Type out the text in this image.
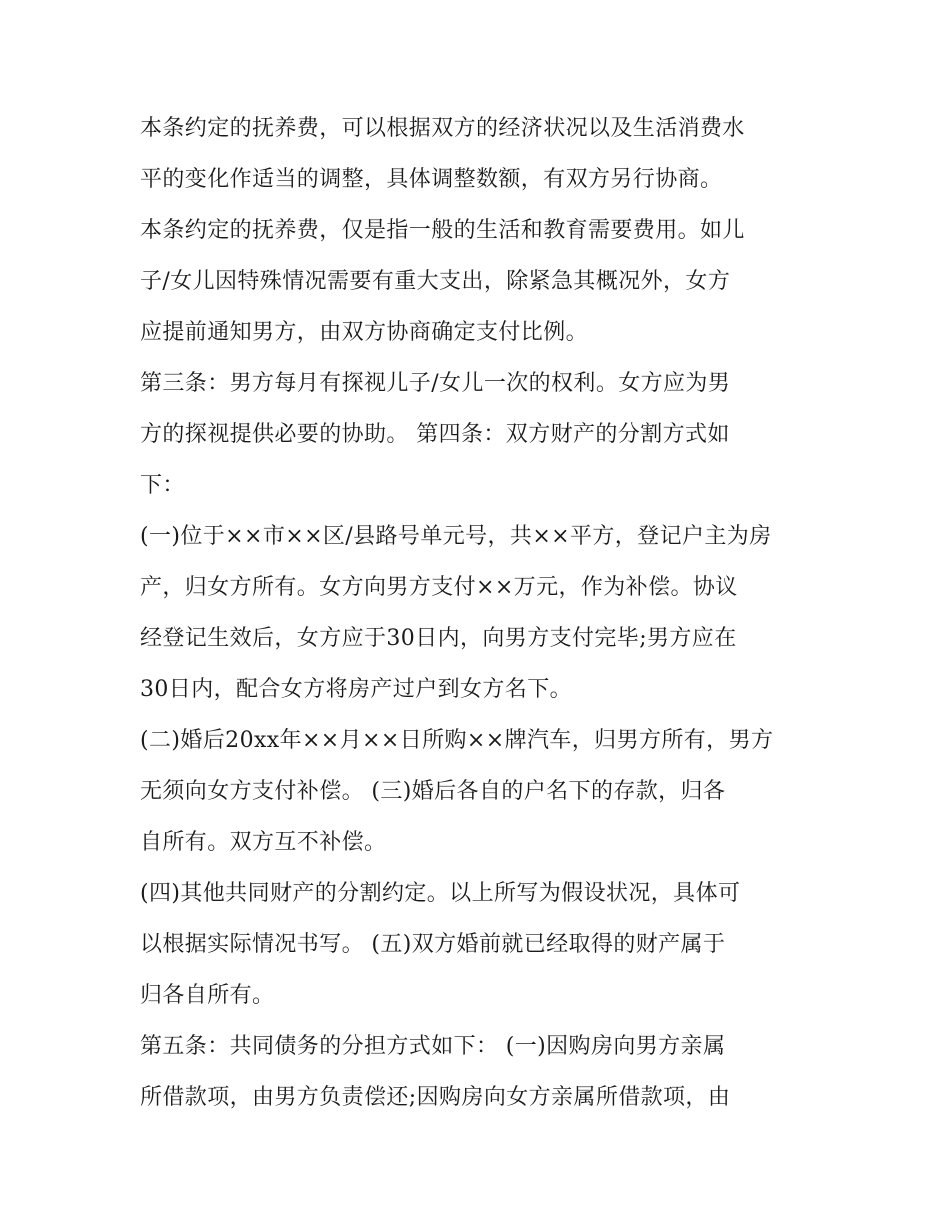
本条约定的抚养费，可以根据双方的经济状况以及生活消费水
平的变化作适当的调整，具体调整数额，有双方另行协商。
本条约定的抚养费，仅是指一般的生活和教育需要费用。如儿
子/女儿因特殊情况需要有重大支出，除紧急其概况外，女方
应提前通知男方，由双方协商确定支付比例。
第三条：男方每月有探视儿子/女儿一次的权利。女方应为男
方的探视提供必要的协助。 第四条：双方财产的分割方式如
下：
(一)位于××市××区/县路号单元号，共××平方，登记户主为房
产，归女方所有。女方向男方支付××万元，作为补偿。协议
经登记生效后，女方应于30日内，向男方支付完毕;男方应在
30日内，配合女方将房产过户到女方名下。
(二)婚后20xx年××月××日所购××牌汽车，归男方所有，男方
无须向女方支付补偿。 (三)婚后各自的户名下的存款，归各
自所有。双方互不补偿。
(四)其他共同财产的分割约定。以上所写为假设状况，具体可
以根据实际情况书写。 (五)双方婚前就已经取得的财产属于
归各自所有。
第五条：共同债务的分担方式如下： (一)因购房向男方亲属
所借款项，由男方负责偿还;因购房向女方亲属所借款项，由
